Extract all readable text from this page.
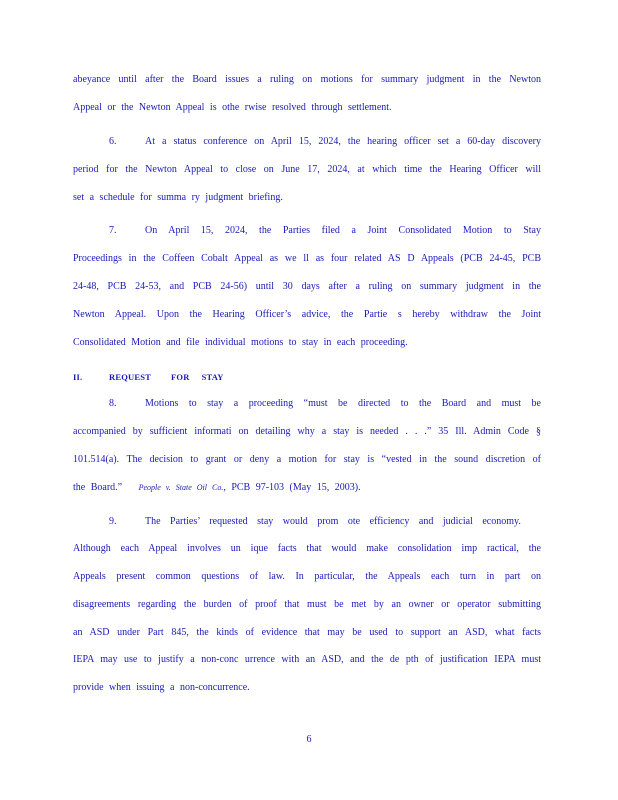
abeyance until after the Board issues a ruling on motions for summary judgment in the Newton
Appeal or the Newton Appeal is othe rwise resolved through settlement.
6.	At a status conference on April 15, 2024, the hearing officer set a 60-day discovery
period for the Newton Appeal to close on June 17, 2024, at which time the Hearing Officer will
set a schedule for summa ry judgment briefing.
7.	On April 15, 2024, the Parties filed a Joint Consolidated Motion to Stay
Proceedings in the Coffeen Cobalt Appeal as we ll as four related AS D Appeals (PCB 24-45, PCB
24-48, PCB 24-53, and PCB 24-56) until 30 days after a ruling on summary judgment in the
Newton Appeal. Upon the Hearing Officer’s advice, the Partie s hereby withdraw the Joint
Consolidated Motion and file individual motions to stay in each proceeding.
II.	REQUEST FOR STAY
8.	Motions to stay a proceeding “must be directed to the Board and must be
accompanied by sufficient informati on detailing why a stay is needed . . .” 35 Ill. Admin Code §
101.514(a). The decision to grant or deny a motion for stay is “vested in the sound discretion of
the Board.” People v. State Oil Co., PCB 97-103 (May 15, 2003).
9.	The Parties’ requested stay would prom ote efficiency and judicial economy.
Although each Appeal involves un ique facts that would make consolidation imp ractical, the
Appeals present common questions of law. In particular, the Appeals each turn in part on
disagreements regarding the burden of proof that must be met by an owner or operator submitting
an ASD under Part 845, the kinds of evidence that may be used to support an ASD, what facts
IEPA may use to justify a non-conc urrence with an ASD, and the de pth of justification IEPA must
provide when issuing a non-concurrence.
6
